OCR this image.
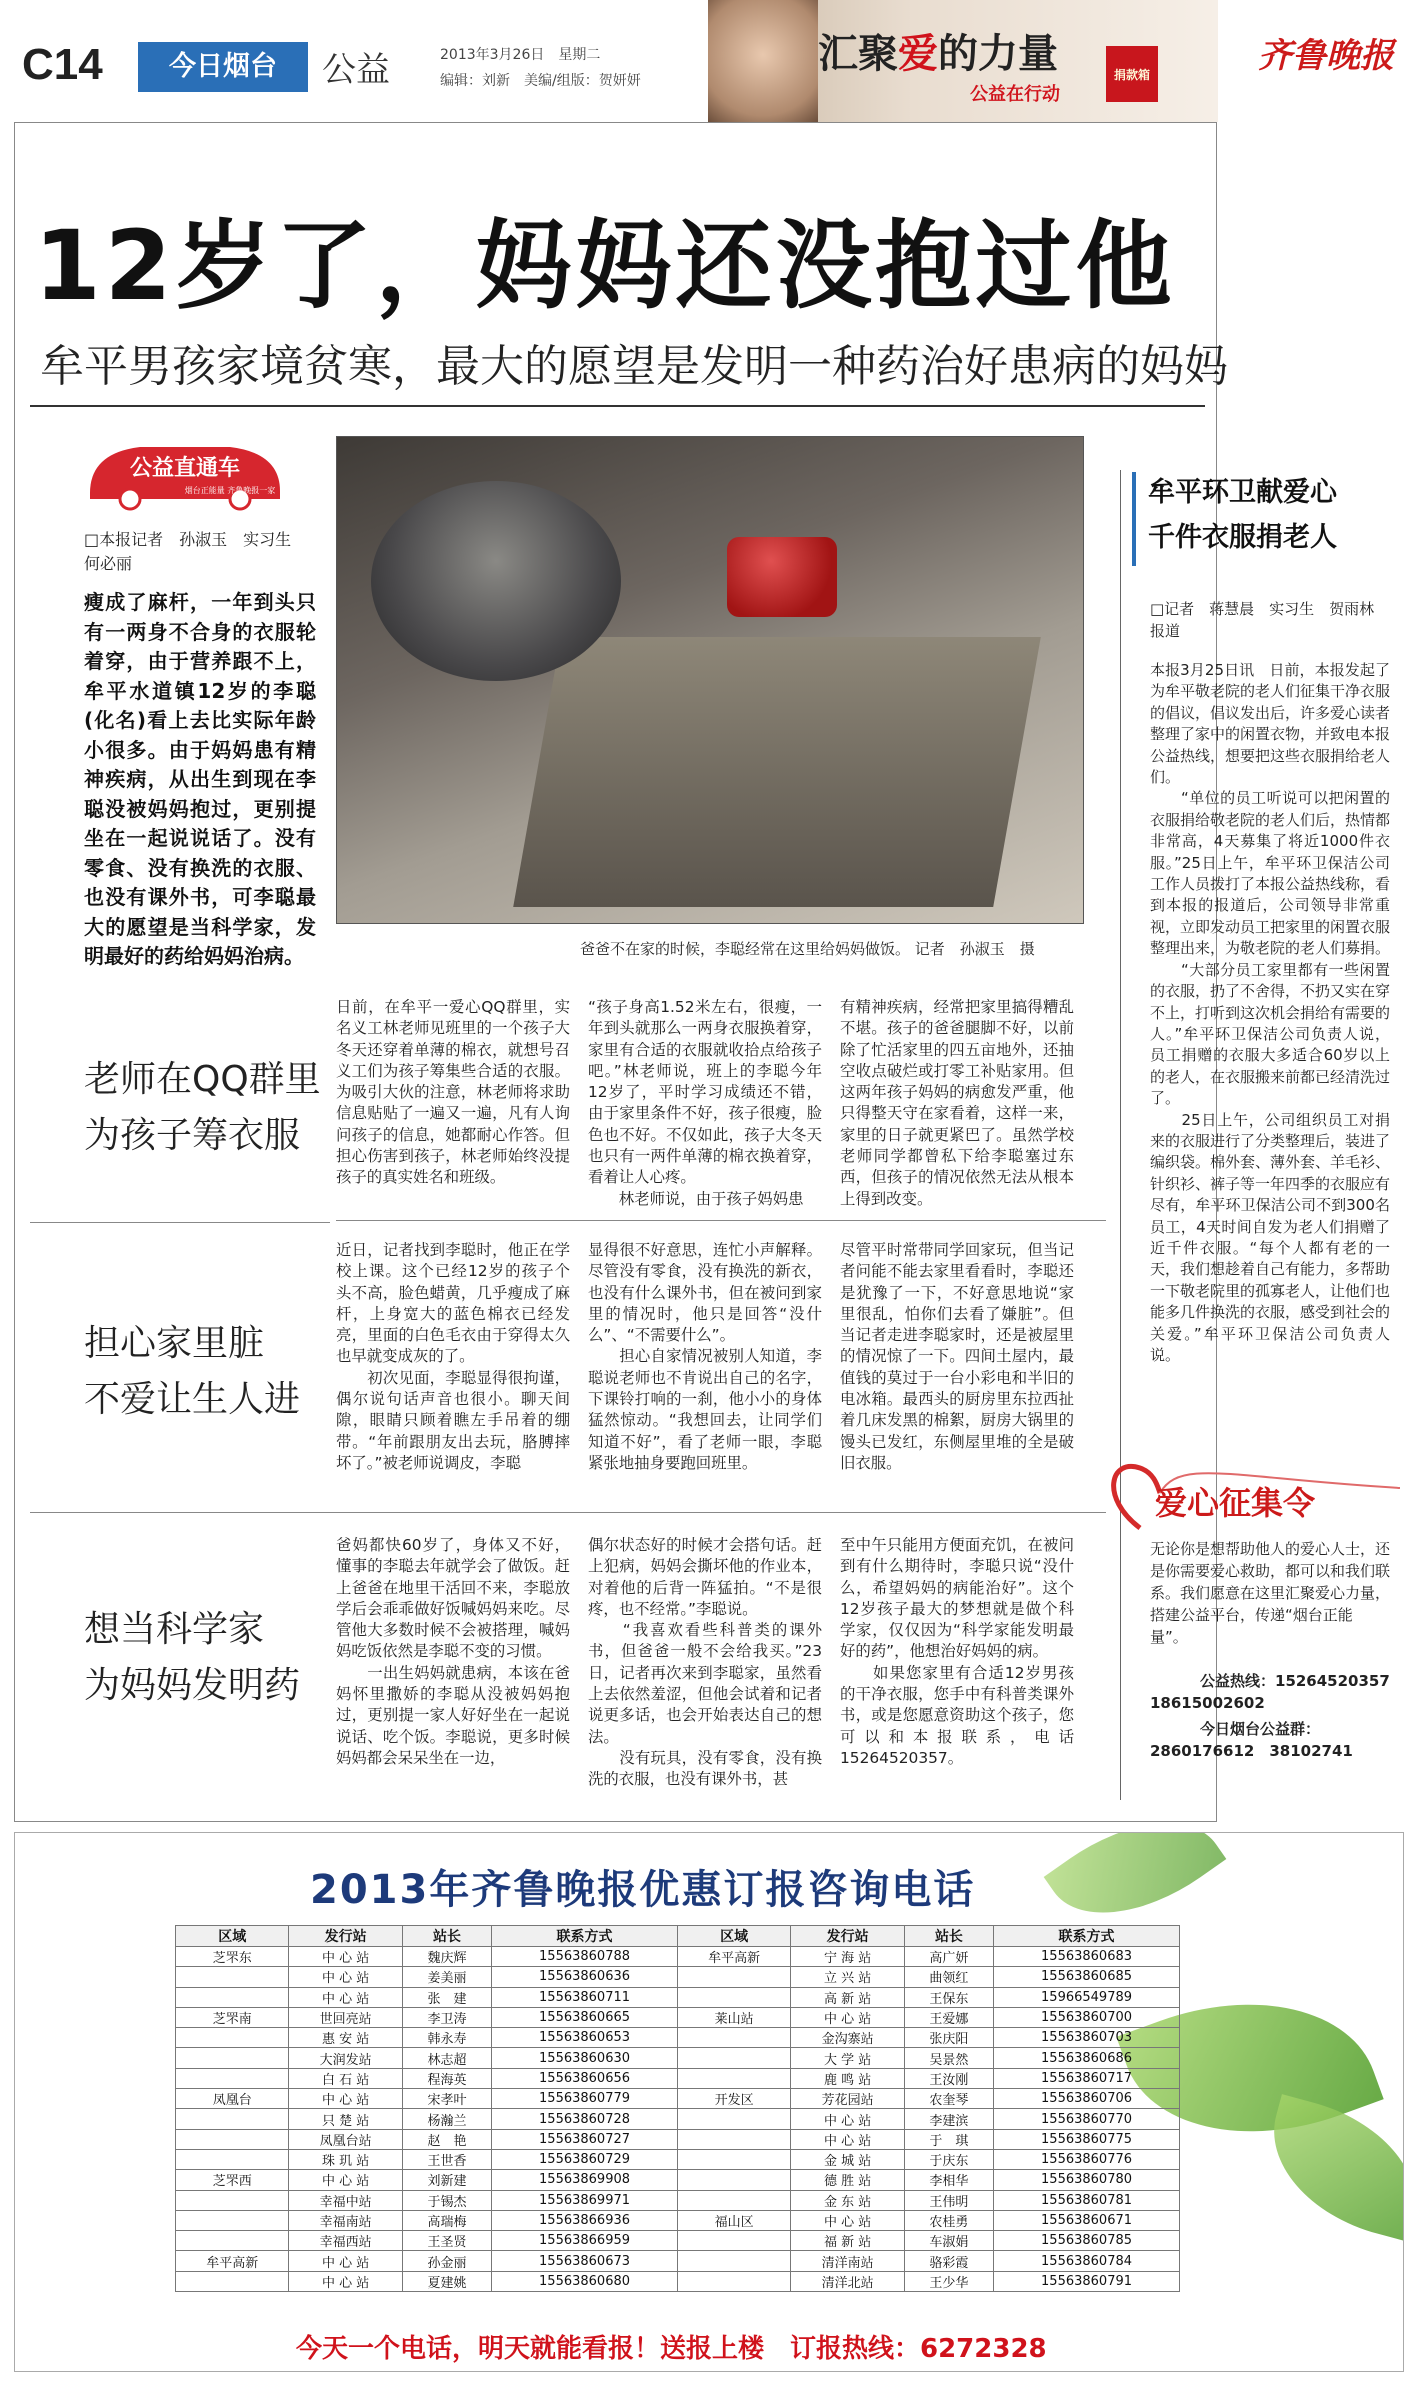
C14	今日烟台	公益	2013年3月26日　星期二
编辑：刘新　美编/组版：贺妍妍
汇聚爱的力量
公益在行动
捐款箱	齐鲁晚报
12岁了，妈妈还没抱过他
牟平男孩家境贫寒，最大的愿望是发明一种药治好患病的妈妈
公益直通车
烟台正能量 齐鲁晚报一家
□本报记者　孙淑玉　实习生　何必丽
瘦成了麻杆，一年到头只有一两身不合身的衣服轮着穿，由于营养跟不上，牟平水道镇12岁的李聪(化名)看上去比实际年龄小很多。由于妈妈患有精神疾病，从出生到现在李聪没被妈妈抱过，更别提坐在一起说说话了。没有零食、没有换洗的衣服、也没有课外书，可李聪最大的愿望是当科学家，发明最好的药给妈妈治病。	爸爸不在家的时候，李聪经常在这里给妈妈做饭。 记者　孙淑玉　摄
老师在QQ群里
为孩子筹衣服
日前，在牟平一爱心QQ群里，实名义工林老师见班里的一个孩子大冬天还穿着单薄的棉衣，就想号召义工们为孩子筹集些合适的衣服。为吸引大伙的注意，林老师将求助信息贴贴了一遍又一遍，凡有人询问孩子的信息，她都耐心作答。但担心伤害到孩子，林老师始终没提孩子的真实姓名和班级。
“孩子身高1.52米左右，很瘦，一年到头就那么一两身衣服换着穿，家里有合适的衣服就收拾点给孩子吧。”林老师说，班上的李聪今年12岁了，平时学习成绩还不错，由于家里条件不好，孩子很瘦，脸色也不好。不仅如此，孩子大冬天也只有一两件单薄的棉衣换着穿，看着让人心疼。
　　林老师说，由于孩子妈妈患
有精神疾病，经常把家里搞得糟乱不堪。孩子的爸爸腿脚不好，以前除了忙活家里的四五亩地外，还抽空收点破烂或打零工补贴家用。但这两年孩子妈妈的病愈发严重，他只得整天守在家看着，这样一来，家里的日子就更紧巴了。虽然学校老师同学都曾私下给李聪塞过东西，但孩子的情况依然无法从根本上得到改变。
担心家里脏
不爱让生人进
近日，记者找到李聪时，他正在学校上课。这个已经12岁的孩子个头不高，脸色蜡黄，几乎瘦成了麻杆，上身宽大的蓝色棉衣已经发亮，里面的白色毛衣由于穿得太久也早就变成灰的了。
　　初次见面，李聪显得很拘谨，偶尔说句话声音也很小。聊天间隙，眼睛只顾着瞧左手吊着的绷带。“年前跟朋友出去玩，胳膊摔坏了。”被老师说调皮，李聪
显得很不好意思，连忙小声解释。尽管没有零食，没有换洗的新衣，也没有什么课外书，但在被问到家里的情况时，他只是回答“没什么”、“不需要什么”。
　　担心自家情况被别人知道，李聪说老师也不肯说出自己的名字，下课铃打响的一刹，他小小的身体猛然惊动。“我想回去，让同学们知道不好”，看了老师一眼，李聪紧张地抽身要跑回班里。
尽管平时常带同学回家玩，但当记者问能不能去家里看看时，李聪还是犹豫了一下，不好意思地说“家里很乱，怕你们去看了嫌脏”。但当记者走进李聪家时，还是被屋里的情况惊了一下。四间土屋内，最值钱的莫过于一台小彩电和半旧的电冰箱。最西头的厨房里东拉西扯着几床发黑的棉絮，厨房大锅里的馒头已发红，东侧屋里堆的全是破旧衣服。
想当科学家
为妈妈发明药
爸妈都快60岁了，身体又不好，懂事的李聪去年就学会了做饭。赶上爸爸在地里干活回不来，李聪放学后会乖乖做好饭喊妈妈来吃。尽管他大多数时候不会被搭理，喊妈妈吃饭依然是李聪不变的习惯。
　　一出生妈妈就患病，本该在爸妈怀里撒娇的李聪从没被妈妈抱过，更别提一家人好好坐在一起说说话、吃个饭。李聪说，更多时候妈妈都会呆呆坐在一边，
偶尔状态好的时候才会搭句话。赶上犯病，妈妈会撕坏他的作业本，对着他的后背一阵猛拍。“不是很疼，也不经常。”李聪说。
　　“我喜欢看些科普类的课外书，但爸爸一般不会给我买。”23日，记者再次来到李聪家，虽然看上去依然羞涩，但他会试着和记者说更多话，也会开始表达自己的想法。
　　没有玩具，没有零食，没有换洗的衣服，也没有课外书，甚
至中午只能用方便面充饥，在被问到有什么期待时，李聪只说“没什么，希望妈妈的病能治好”。这个12岁孩子最大的梦想就是做个科学家，仅仅因为“科学家能发明最好的药”，他想治好妈妈的病。
　　如果您家里有合适12岁男孩的干净衣服，您手中有科普类课外书，或是您愿意资助这个孩子，您可以和本报联系，电话15264520357。
牟平环卫献爱心
千件衣服捐老人
□记者　蒋慧晨　实习生　贺雨林　报道
本报3月25日讯　日前，本报发起了为牟平敬老院的老人们征集干净衣服的倡议，倡议发出后，许多爱心读者整理了家中的闲置衣物，并致电本报公益热线，想要把这些衣服捐给老人们。
　　“单位的员工听说可以把闲置的衣服捐给敬老院的老人们后，热情都非常高，4天募集了将近1000件衣服。”25日上午，牟平环卫保洁公司工作人员拨打了本报公益热线称，看到本报的报道后，公司领导非常重视，立即发动员工把家里的闲置衣服整理出来，为敬老院的老人们募捐。
　　“大部分员工家里都有一些闲置的衣服，扔了不舍得，不扔又实在穿不上，打听到这次机会捐给有需要的人。”牟平环卫保洁公司负责人说，员工捐赠的衣服大多适合60岁以上的老人，在衣服搬来前都已经清洗过了。
　　25日上午，公司组织员工对捐来的衣服进行了分类整理后，装进了编织袋。棉外套、薄外套、羊毛衫、针织衫、裤子等一年四季的衣服应有尽有，牟平环卫保洁公司不到300名员工，4天时间自发为老人们捐赠了近千件衣服。“每个人都有老的一天，我们想趁着自己有能力，多帮助一下敬老院里的孤寡老人，让他们也能多几件换洗的衣服，感受到社会的关爱。”牟平环卫保洁公司负责人说。
爱心征集令
无论你是想帮助他人的爱心人士，还是你需要爱心救助，都可以和我们联系。我们愿意在这里汇聚爱心力量，搭建公益平台，传递“烟台正能量”。
公益热线：15264520357
18615002602
今日烟台公益群：
2860176612　38102741
2013年齐鲁晚报优惠订报咨询电话
区域	发行站	站长	联系方式	区域	发行站	站长	联系方式
芝罘东	中 心 站	魏庆辉	15563860788	牟平高新	宁 海 站	高广妍	15563860683
	中 心 站	姜美丽	15563860636		立 兴 站	曲领红	15563860685
	中 心 站	张　建	15563860711		高 新 站	王保东	15966549789
芝罘南	世回亮站	李卫涛	15563860665	莱山站	中 心 站	王爱娜	15563860700
	惠 安 站	韩永寿	15563860653		金沟寨站	张庆阳	15563860703
	大润发站	林志超	15563860630		大 学 站	吴景然	15563860686
	白 石 站	程海英	15563860656		鹿 鸣 站	王汝刚	15563860717
凤凰台	中 心 站	宋孝叶	15563860779	开发区	芳花园站	农奎琴	15563860706
	只 楚 站	杨瀚兰	15563860728		中 心 站	李建滨	15563860770
	凤凰台站	赵　艳	15563860727		中 心 站	于　琪	15563860775
	珠 玑 站	王世香	15563860729		金 城 站	于庆东	15563860776
芝罘西	中 心 站	刘新建	15563869908		德 胜 站	李相华	15563860780
	幸福中站	于锡杰	15563869971		金 东 站	王伟明	15563860781
	幸福南站	高瑞梅	15563866936	福山区	中 心 站	农桂勇	15563860671
	幸福西站	王圣贤	15563866959		福 新 站	车淑娟	15563860785
牟平高新	中 心 站	孙金丽	15563860673		清洋南站	骆彩霞	15563860784
	中 心 站	夏建姚	15563860680		清洋北站	王少华	15563860791
今天一个电话，明天就能看报！送报上楼　订报热线：6272328
